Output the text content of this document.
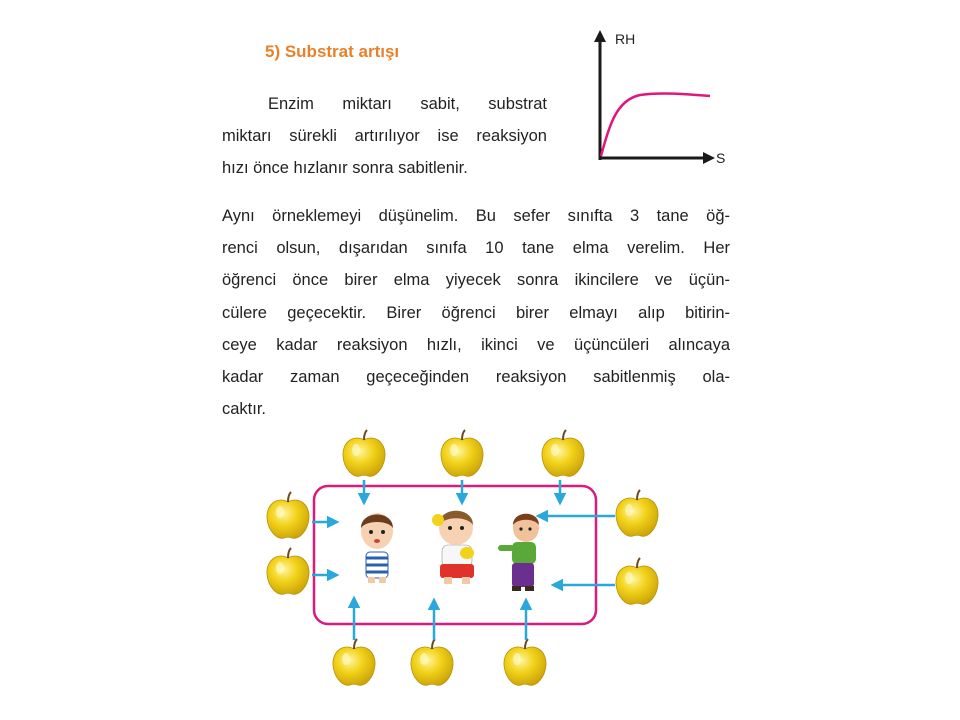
5) Substrat artışı
Enzim miktarı sabit, substrat
miktarı sürekli artırılıyor ise reaksiyon
hızı önce hızlanır sonra sabitlenir.
RH
S
Aynı örneklemeyi düşünelim. Bu sefer sınıfta 3 tane öğ-
renci olsun, dışarıdan sınıfa 10 tane elma verelim. Her
öğrenci önce birer elma yiyecek sonra ikincilere ve üçün-
cülere geçecektir. Birer öğrenci birer elmayı alıp bitirin-
ceye kadar reaksiyon hızlı, ikinci ve üçüncüleri alıncaya
kadar zaman geçeceğinden reaksiyon sabitlenmiş ola-
caktır.
